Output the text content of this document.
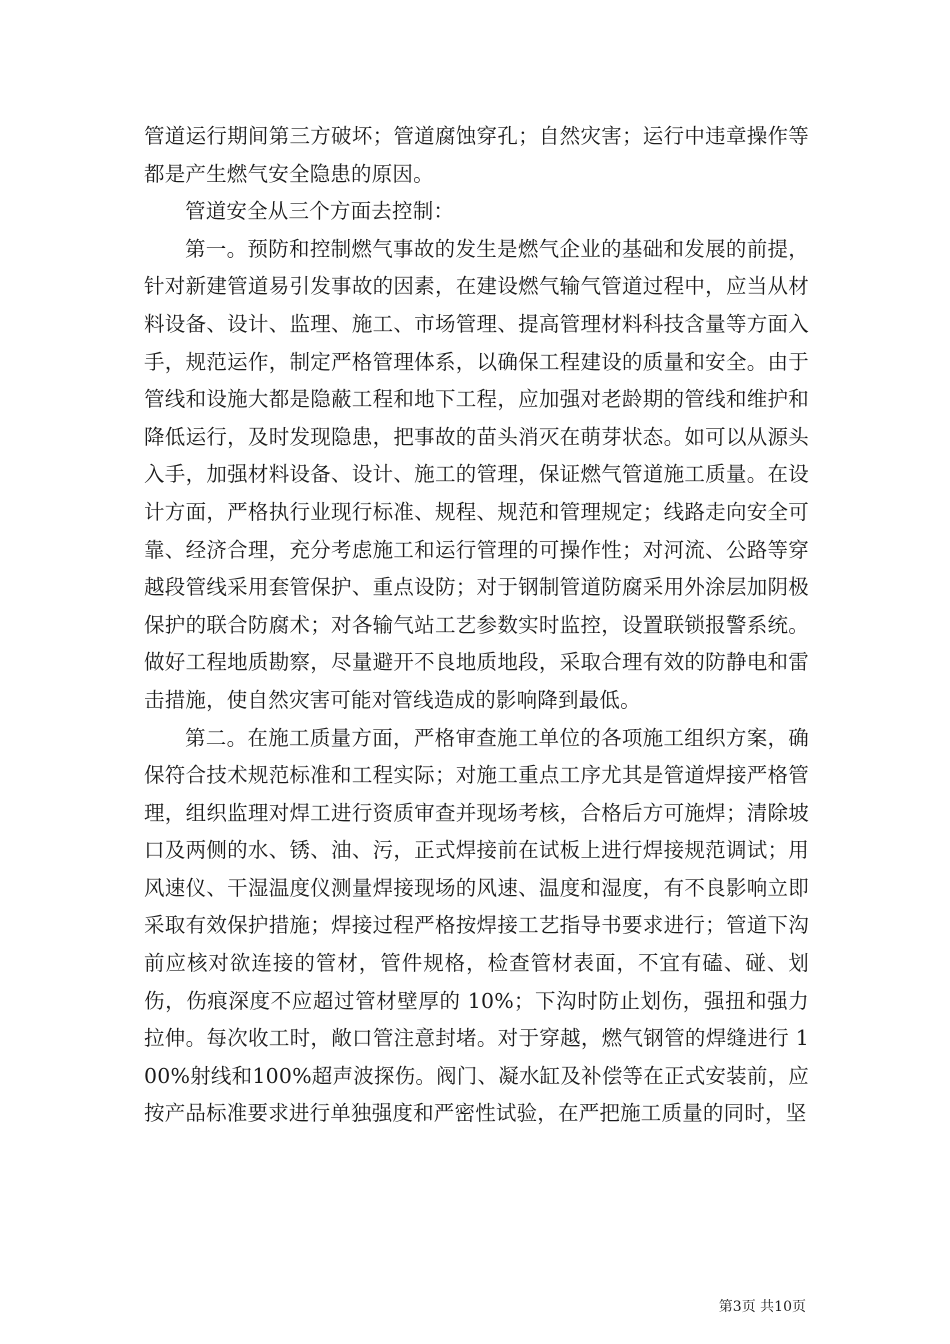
管道运行期间第三方破坏；管道腐蚀穿孔；自然灾害；运行中违章操作等都是产生燃气安全隐患的原因。

管道安全从三个方面去控制：

第一。预防和控制燃气事故的发生是燃气企业的基础和发展的前提，针对新建管道易引发事故的因素，在建设燃气输气管道过程中，应当从材料设备、设计、监理、施工、市场管理、提高管理材料科技含量等方面入手，规范运作，制定严格管理体系，以确保工程建设的质量和安全。由于管线和设施大都是隐蔽工程和地下工程，应加强对老龄期的管线和维护和降低运行，及时发现隐患，把事故的苗头消灭在萌芽状态。如可以从源头入手，加强材料设备、设计、施工的管理，保证燃气管道施工质量。在设计方面，严格执行业现行标准、规程、规范和管理规定；线路走向安全可靠、经济合理，充分考虑施工和运行管理的可操作性；对河流、公路等穿越段管线采用套管保护、重点设防；对于钢制管道防腐采用外涂层加阴极保护的联合防腐术；对各输气站工艺参数实时监控，设置联锁报警系统。做好工程地质勘察，尽量避开不良地质地段，采取合理有效的防静电和雷击措施，使自然灾害可能对管线造成的影响降到最低。

第二。在施工质量方面，严格审查施工单位的各项施工组织方案，确保符合技术规范标准和工程实际；对施工重点工序尤其是管道焊接严格管理，组织监理对焊工进行资质审查并现场考核，合格后方可施焊；清除坡口及两侧的水、锈、油、污，正式焊接前在试板上进行焊接规范调试；用风速仪、干湿温度仪测量焊接现场的风速、温度和湿度，有不良影响立即采取有效保护措施；焊接过程严格按焊接工艺指导书要求进行；管道下沟前应核对欲连接的管材，管件规格，检查管材表面，不宜有磕、碰、划伤，伤痕深度不应超过管材壁厚的 10%；下沟时防止划伤，强扭和强力拉伸。每次收工时，敞口管注意封堵。对于穿越，燃气钢管的焊缝进行 100%射线和100%超声波探伤。阀门、凝水缸及补偿等在正式安装前，应按产品标准要求进行单独强度和严密性试验，在严把施工质量的同时，坚

第3页 共10页
